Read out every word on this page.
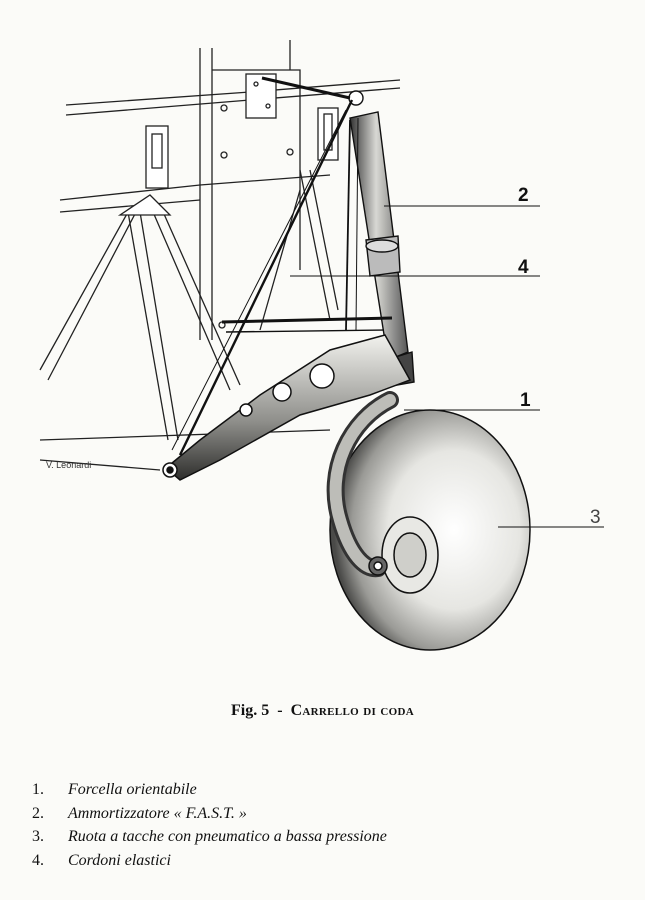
2
4
1
3
V. Leonardi
Fig. 5 - Carrello di coda
1. Forcella orientabile
2. Ammortizzatore « F.A.S.T. »
3. Ruota a tacche con pneumatico a bassa pressione
4. Cordoni elastici
